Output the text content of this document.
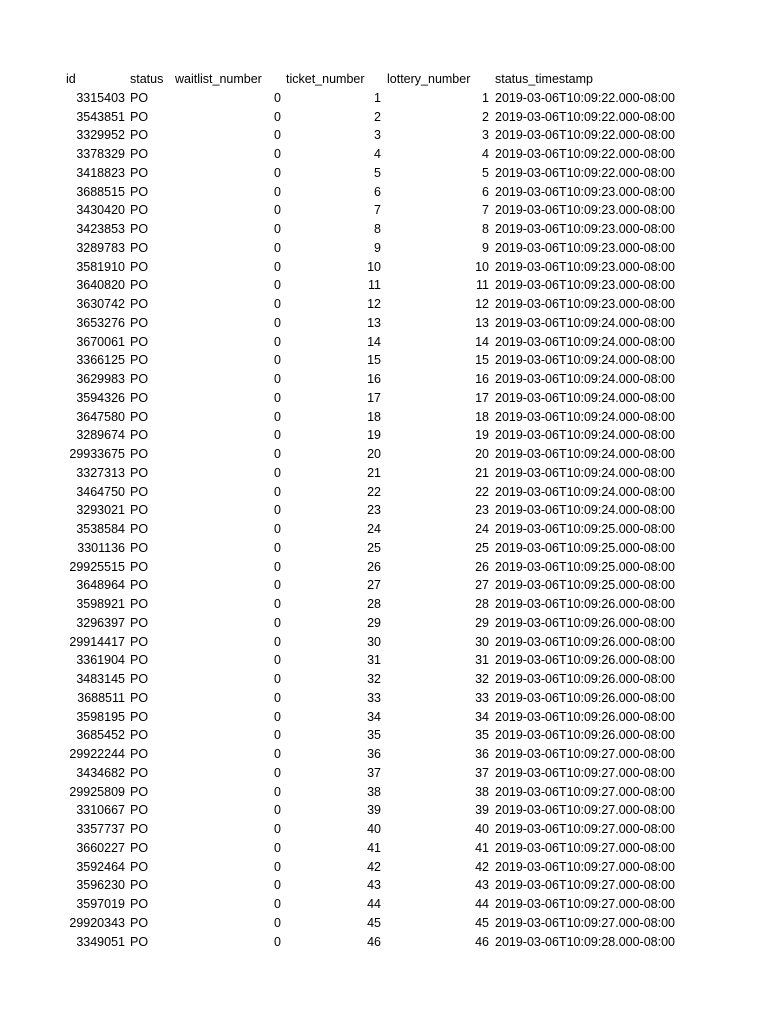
id	status waitlist_number ticket_number lottery_number status_timestamp
3315403 PO	0	1	1 2019-03-06T10:09:22.000-08:00
3543851 PO	0	2	2 2019-03-06T10:09:22.000-08:00
3329952 PO	0	3	3 2019-03-06T10:09:22.000-08:00
3378329 PO	0	4	4 2019-03-06T10:09:22.000-08:00
3418823 PO	0	5	5 2019-03-06T10:09:22.000-08:00
3688515 PO	0	6	6 2019-03-06T10:09:23.000-08:00
3430420 PO	0	7	7 2019-03-06T10:09:23.000-08:00
3423853 PO	0	8	8 2019-03-06T10:09:23.000-08:00
3289783 PO	0	9	9 2019-03-06T10:09:23.000-08:00
3581910 PO	0	10	10 2019-03-06T10:09:23.000-08:00
3640820 PO	0	11	11 2019-03-06T10:09:23.000-08:00
3630742 PO	0	12	12 2019-03-06T10:09:23.000-08:00
3653276 PO	0	13	13 2019-03-06T10:09:24.000-08:00
3670061 PO	0	14	14 2019-03-06T10:09:24.000-08:00
3366125 PO	0	15	15 2019-03-06T10:09:24.000-08:00
3629983 PO	0	16	16 2019-03-06T10:09:24.000-08:00
3594326 PO	0	17	17 2019-03-06T10:09:24.000-08:00
3647580 PO	0	18	18 2019-03-06T10:09:24.000-08:00
3289674 PO	0	19	19 2019-03-06T10:09:24.000-08:00
29933675 PO	0	20	20 2019-03-06T10:09:24.000-08:00
3327313 PO	0	21	21 2019-03-06T10:09:24.000-08:00
3464750 PO	0	22	22 2019-03-06T10:09:24.000-08:00
3293021 PO	0	23	23 2019-03-06T10:09:24.000-08:00
3538584 PO	0	24	24 2019-03-06T10:09:25.000-08:00
3301136 PO	0	25	25 2019-03-06T10:09:25.000-08:00
29925515 PO	0	26	26 2019-03-06T10:09:25.000-08:00
3648964 PO	0	27	27 2019-03-06T10:09:25.000-08:00
3598921 PO	0	28	28 2019-03-06T10:09:26.000-08:00
3296397 PO	0	29	29 2019-03-06T10:09:26.000-08:00
29914417 PO	0	30	30 2019-03-06T10:09:26.000-08:00
3361904 PO	0	31	31 2019-03-06T10:09:26.000-08:00
3483145 PO	0	32	32 2019-03-06T10:09:26.000-08:00
3688511 PO	0	33	33 2019-03-06T10:09:26.000-08:00
3598195 PO	0	34	34 2019-03-06T10:09:26.000-08:00
3685452 PO	0	35	35 2019-03-06T10:09:26.000-08:00
29922244 PO	0	36	36 2019-03-06T10:09:27.000-08:00
3434682 PO	0	37	37 2019-03-06T10:09:27.000-08:00
29925809 PO	0	38	38 2019-03-06T10:09:27.000-08:00
3310667 PO	0	39	39 2019-03-06T10:09:27.000-08:00
3357737 PO	0	40	40 2019-03-06T10:09:27.000-08:00
3660227 PO	0	41	41 2019-03-06T10:09:27.000-08:00
3592464 PO	0	42	42 2019-03-06T10:09:27.000-08:00
3596230 PO	0	43	43 2019-03-06T10:09:27.000-08:00
3597019 PO	0	44	44 2019-03-06T10:09:27.000-08:00
29920343 PO	0	45	45 2019-03-06T10:09:27.000-08:00
3349051 PO	0	46	46 2019-03-06T10:09:28.000-08:00
